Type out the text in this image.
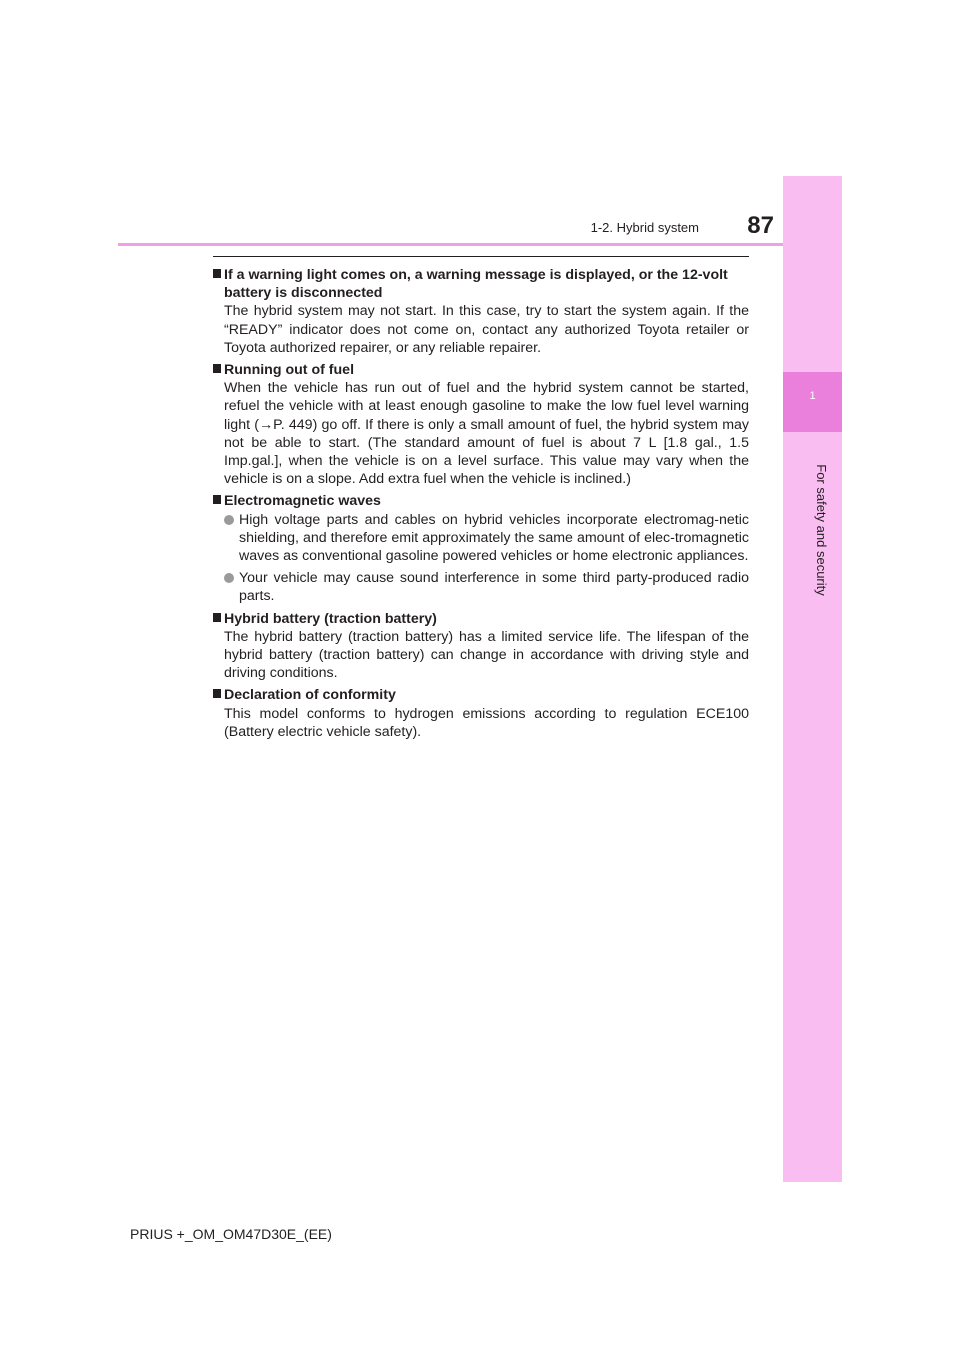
1-2. Hybrid system	87
1
For safety and security
If a warning light comes on, a warning message is displayed, or the 12-volt battery is disconnected
The hybrid system may not start. In this case, try to start the system again. If the “READY” indicator does not come on, contact any authorized Toyota retailer or Toyota authorized repairer, or any reliable repairer.
Running out of fuel
When the vehicle has run out of fuel and the hybrid system cannot be started, refuel the vehicle with at least enough gasoline to make the low fuel level warning light (→P. 449) go off. If there is only a small amount of fuel, the hybrid system may not be able to start. (The standard amount of fuel is about 7 L [1.8 gal., 1.5 Imp.gal.], when the vehicle is on a level surface. This value may vary when the vehicle is on a slope. Add extra fuel when the vehicle is inclined.)
Electromagnetic waves
High voltage parts and cables on hybrid vehicles incorporate electromag-netic shielding, and therefore emit approximately the same amount of elec-tromagnetic waves as conventional gasoline powered vehicles or home electronic appliances.
Your vehicle may cause sound interference in some third party-produced radio parts.
Hybrid battery (traction battery)
The hybrid battery (traction battery) has a limited service life. The lifespan of the hybrid battery (traction battery) can change in accordance with driving style and driving conditions.
Declaration of conformity
This model conforms to hydrogen emissions according to regulation ECE100 (Battery electric vehicle safety).
PRIUS +_OM_OM47D30E_(EE)
